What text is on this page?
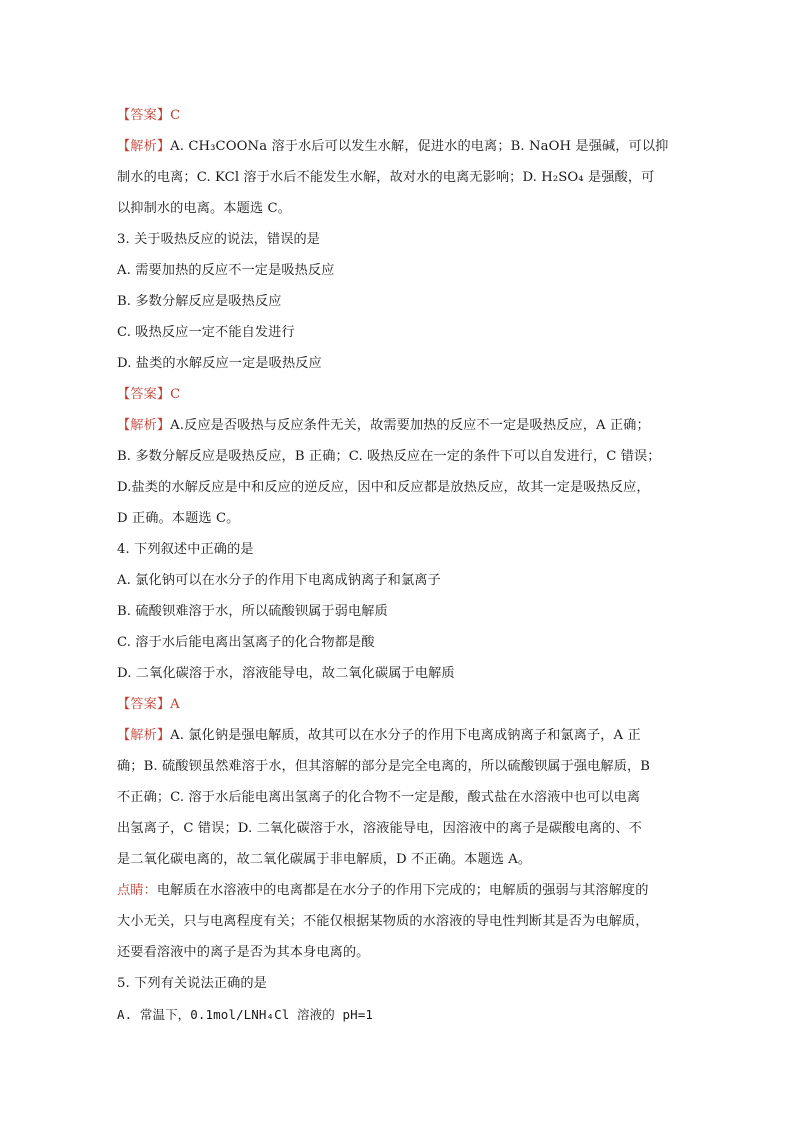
【答案】C
【解析】A. CH₃COONa 溶于水后可以发生水解，促进水的电离；B. NaOH 是强碱，可以抑
制水的电离；C. KCl 溶于水后不能发生水解，故对水的电离无影响；D. H₂SO₄ 是强酸，可
以抑制水的电离。本题选 C。
3. 关于吸热反应的说法，错误的是
A. 需要加热的反应不一定是吸热反应
B. 多数分解反应是吸热反应
C. 吸热反应一定不能自发进行
D. 盐类的水解反应一定是吸热反应
【答案】C
【解析】A.反应是否吸热与反应条件无关，故需要加热的反应不一定是吸热反应，A 正确；
B. 多数分解反应是吸热反应，B 正确；C. 吸热反应在一定的条件下可以自发进行，C 错误；
D.盐类的水解反应是中和反应的逆反应，因中和反应都是放热反应，故其一定是吸热反应，
D 正确。本题选 C。
4. 下列叙述中正确的是
A. 氯化钠可以在水分子的作用下电离成钠离子和氯离子
B. 硫酸钡难溶于水，所以硫酸钡属于弱电解质
C. 溶于水后能电离出氢离子的化合物都是酸
D. 二氧化碳溶于水，溶液能导电，故二氧化碳属于电解质
【答案】A
【解析】A. 氯化钠是强电解质，故其可以在水分子的作用下电离成钠离子和氯离子，A 正
确；B. 硫酸钡虽然难溶于水，但其溶解的部分是完全电离的，所以硫酸钡属于强电解质，B
不正确；C. 溶于水后能电离出氢离子的化合物不一定是酸，酸式盐在水溶液中也可以电离
出氢离子，C 错误；D. 二氧化碳溶于水，溶液能导电，因溶液中的离子是碳酸电离的、不
是二氧化碳电离的，故二氧化碳属于非电解质，D 不正确。本题选 A。
点睛：电解质在水溶液中的电离都是在水分子的作用下完成的；电解质的强弱与其溶解度的
大小无关，只与电离程度有关；不能仅根据某物质的水溶液的导电性判断其是否为电解质，
还要看溶液中的离子是否为其本身电离的。
5. 下列有关说法正确的是
A. 常温下，0.1mol/LNH₄Cl 溶液的 pH=1
